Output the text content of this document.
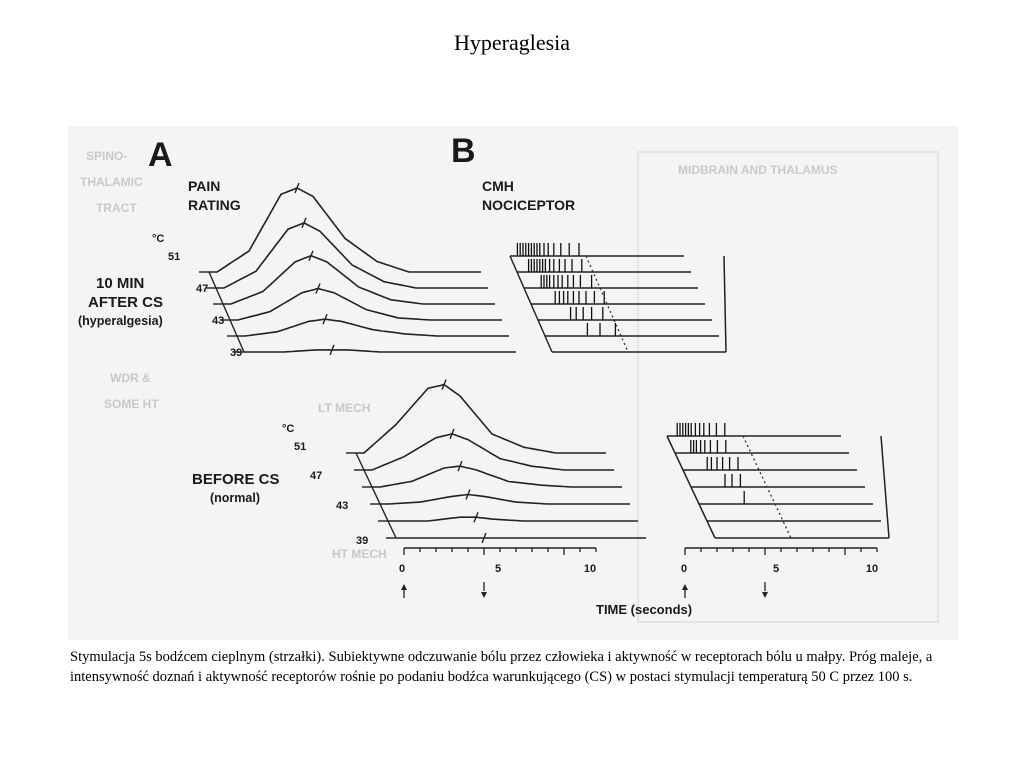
Hyperaglesia
SPINO-
THALAMIC
TRACT
MIDBRAIN AND THALAMUS
WDR &
SOME HT	LT MECH
HT MECH
A	B
PAIN
RATING
CMH
NOCICEPTOR
°C
51
47
43
39
10 MIN
AFTER CS
(hyperalgesia)
°C
51
47
43
39
BEFORE CS
(normal)
0	5	10	0	5	10
TIME (seconds)
Stymulacja 5s bodźcem cieplnym (strzałki). Subiektywne odczuwanie bólu przez człowieka i aktywność w receptorach bólu u małpy. Próg maleje, a intensywność doznań i aktywność receptorów rośnie po podaniu bodźca warunkującego (CS) w postaci stymulacji temperaturą 50 C przez 100 s.
